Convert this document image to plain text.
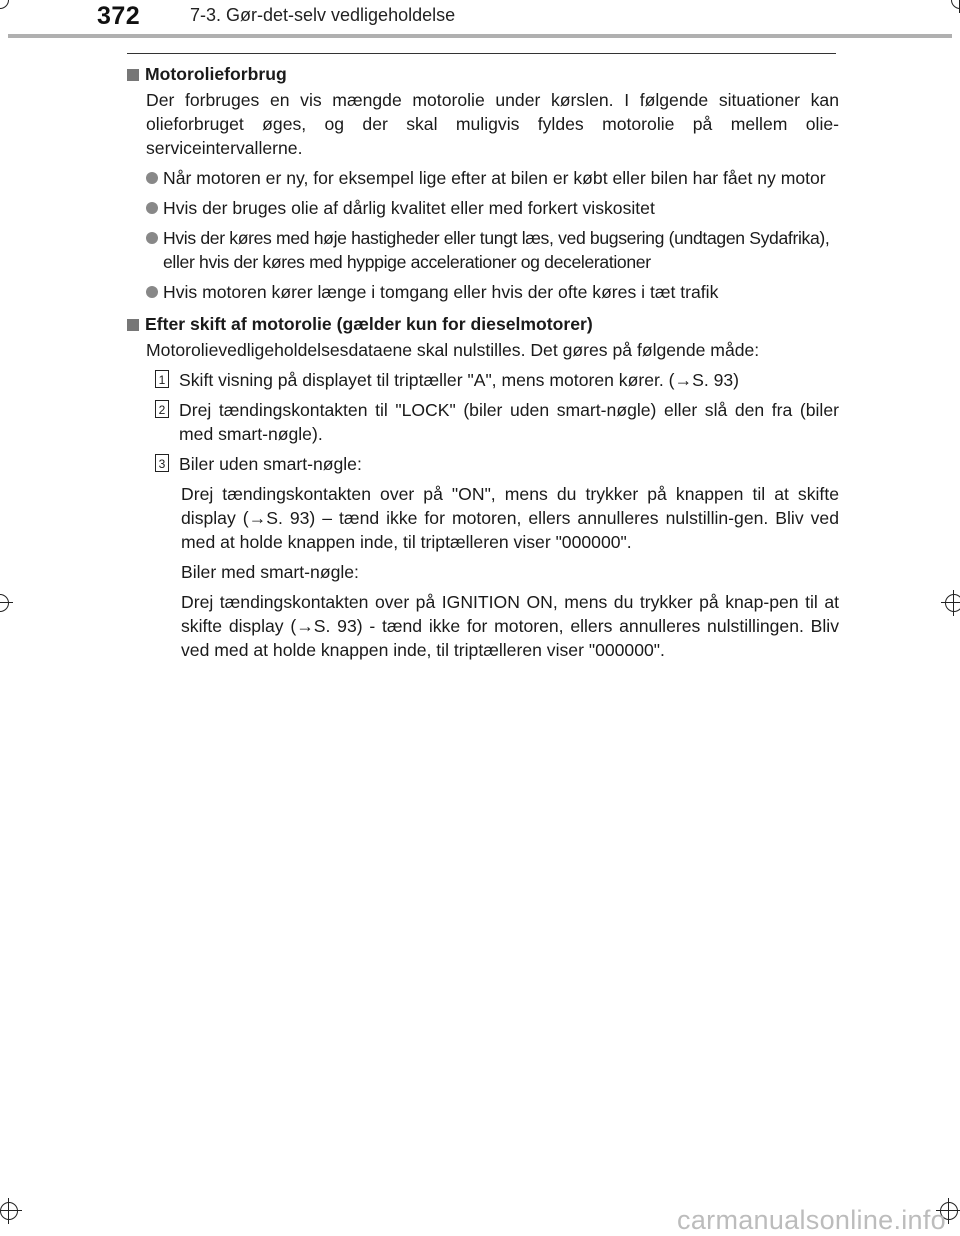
372	7-3. Gør-det-selv vedligeholdelse
Motorolieforbrug
Der forbruges en vis mængde motorolie under kørslen. I følgende situationer kan olieforbruget øges, og der skal muligvis fyldes motorolie på mellem olie-serviceintervallerne.
Når motoren er ny, for eksempel lige efter at bilen er købt eller bilen har fået ny motor
Hvis der bruges olie af dårlig kvalitet eller med forkert viskositet
Hvis der køres med høje hastigheder eller tungt læs, ved bugsering (undtagen Sydafrika), eller hvis der køres med hyppige accelerationer og decelerationer
Hvis motoren kører længe i tomgang eller hvis der ofte køres i tæt trafik
Efter skift af motorolie (gælder kun for dieselmotorer)
Motorolievedligeholdelsesdataene skal nulstilles. Det gøres på følgende måde:
1 Skift visning på displayet til triptæller "A", mens motoren kører. (→S. 93)
2 Drej tændingskontakten til "LOCK" (biler uden smart-nøgle) eller slå den fra (biler med smart-nøgle).
3 Biler uden smart-nøgle:
Drej tændingskontakten over på "ON", mens du trykker på knappen til at skifte display (→S. 93) – tænd ikke for motoren, ellers annulleres nulstillin-gen. Bliv ved med at holde knappen inde, til triptælleren viser "000000".
Biler med smart-nøgle:
Drej tændingskontakten over på IGNITION ON, mens du trykker på knap-pen til at skifte display (→S. 93) - tænd ikke for motoren, ellers annulleres nulstillingen. Bliv ved med at holde knappen inde, til triptælleren viser "000000".
carmanualsonline.info
